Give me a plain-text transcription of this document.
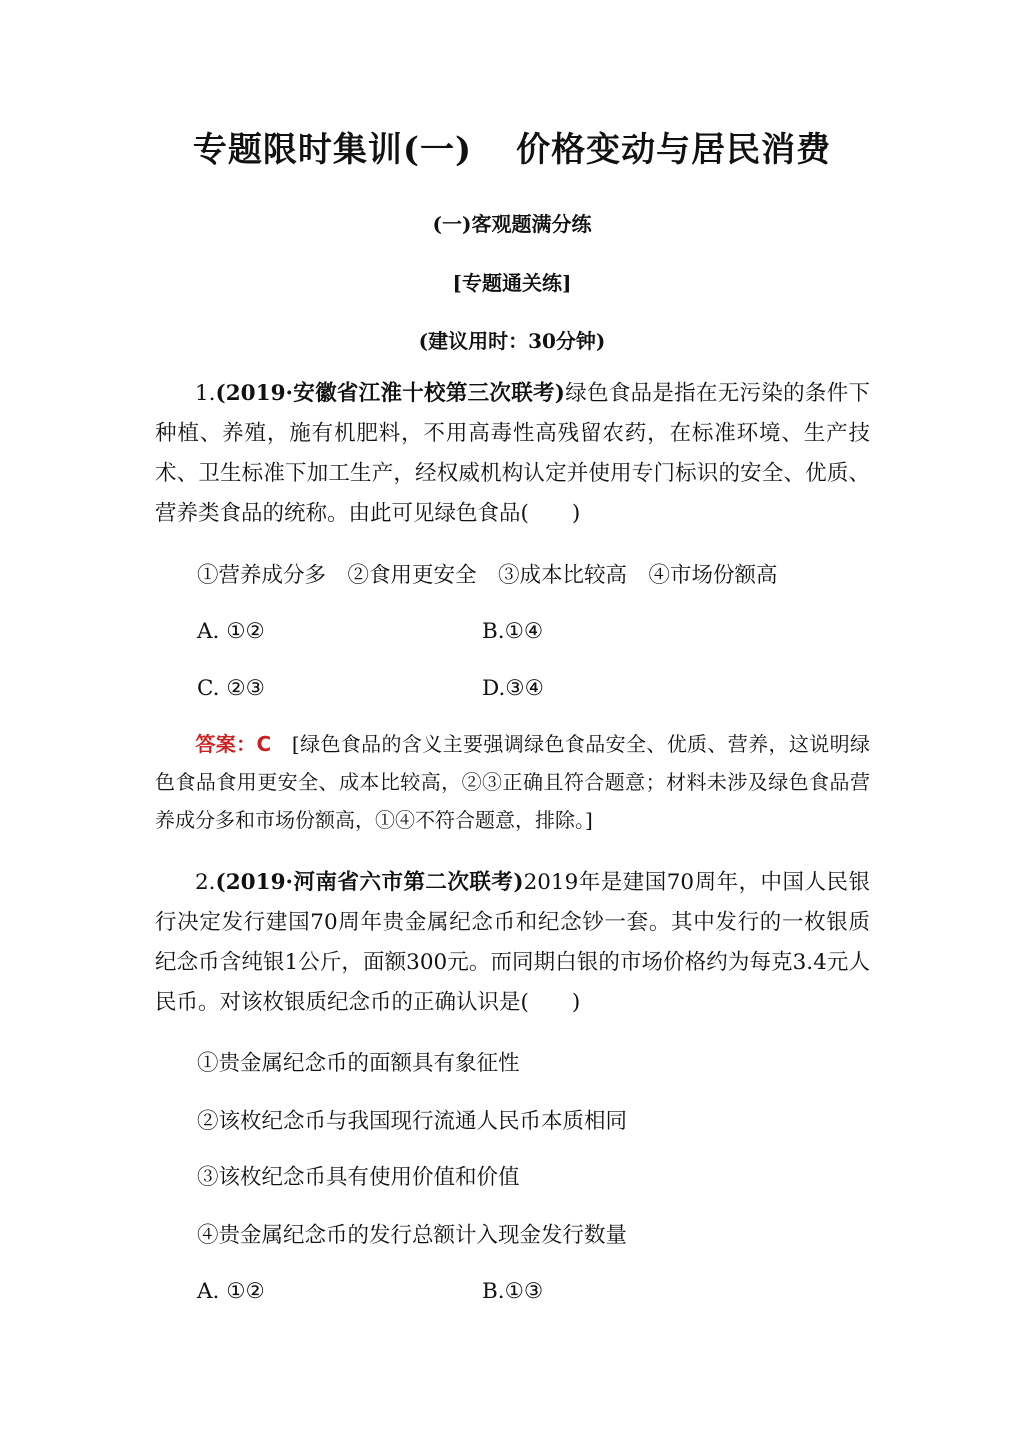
专题限时集训(一) 价格变动与居民消费
(一)客观题满分练
[专题通关练]
(建议用时：30分钟)
1.(2019·安徽省江淮十校第三次联考)绿色食品是指在无污染的条件下种植、养殖，施有机肥料，不用高毒性高残留农药，在标准环境、生产技术、卫生标准下加工生产，经权威机构认定并使用专门标识的安全、优质、营养类食品的统称。由此可见绿色食品(　　)
①营养成分多　②食用更安全　③成本比较高　④市场份额高
A. ①②	B.①④
C. ②③	D.③④
答案：C　 [绿色食品的含义主要强调绿色食品安全、优质、营养，这说明绿色食品食用更安全、成本比较高，②③正确且符合题意；材料未涉及绿色食品营养成分多和市场份额高，①④不符合题意，排除。]
2.(2019·河南省六市第二次联考)2019年是建国70周年，中国人民银行决定发行建国70周年贵金属纪念币和纪念钞一套。其中发行的一枚银质纪念币含纯银1公斤，面额300元。而同期白银的市场价格约为每克3.4元人民币。对该枚银质纪念币的正确认识是(　　)
①贵金属纪念币的面额具有象征性
②该枚纪念币与我国现行流通人民币本质相同
③该枚纪念币具有使用价值和价值
④贵金属纪念币的发行总额计入现金发行数量
A. ①②	B.①③
